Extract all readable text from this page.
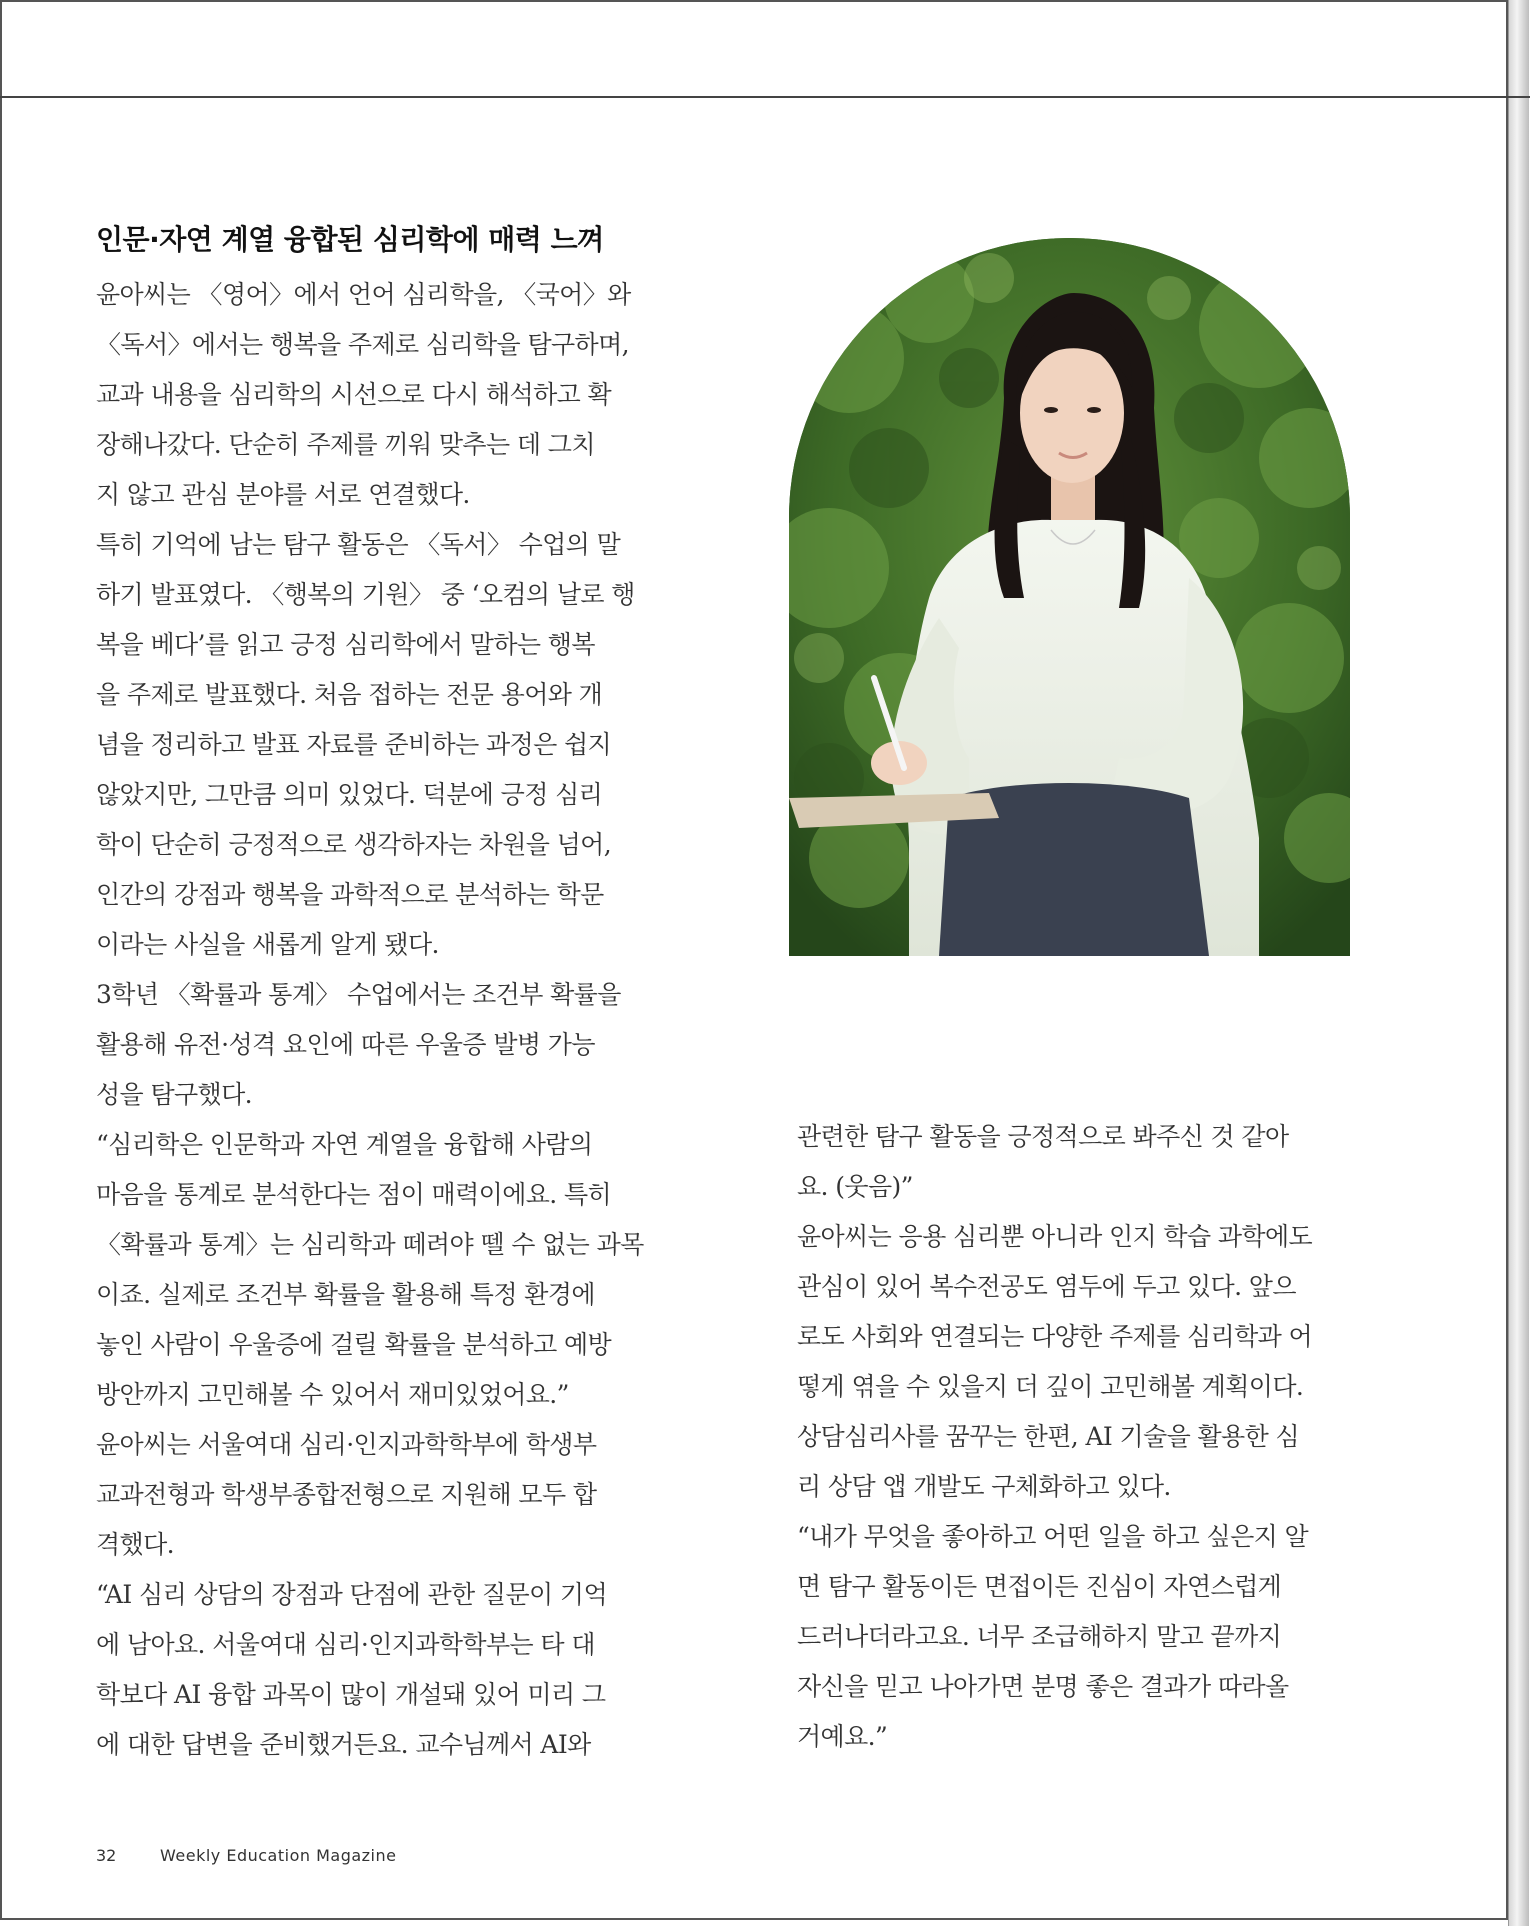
인문·자연 계열 융합된 심리학에 매력 느껴
윤아씨는 〈영어〉에서 언어 심리학을, 〈국어〉와
〈독서〉에서는 행복을 주제로 심리학을 탐구하며,
교과 내용을 심리학의 시선으로 다시 해석하고 확
장해나갔다. 단순히 주제를 끼워 맞추는 데 그치
지 않고 관심 분야를 서로 연결했다.
특히 기억에 남는 탐구 활동은 〈독서〉 수업의 말
하기 발표였다. 〈행복의 기원〉 중 ‘오컴의 날로 행
복을 베다’를 읽고 긍정 심리학에서 말하는 행복
을 주제로 발표했다. 처음 접하는 전문 용어와 개
념을 정리하고 발표 자료를 준비하는 과정은 쉽지
않았지만, 그만큼 의미 있었다. 덕분에 긍정 심리
학이 단순히 긍정적으로 생각하자는 차원을 넘어,
인간의 강점과 행복을 과학적으로 분석하는 학문
이라는 사실을 새롭게 알게 됐다.
3학년 〈확률과 통계〉 수업에서는 조건부 확률을
활용해 유전·성격 요인에 따른 우울증 발병 가능
성을 탐구했다.
“심리학은 인문학과 자연 계열을 융합해 사람의
마음을 통계로 분석한다는 점이 매력이에요. 특히
〈확률과 통계〉는 심리학과 떼려야 뗄 수 없는 과목
이죠. 실제로 조건부 확률을 활용해 특정 환경에
놓인 사람이 우울증에 걸릴 확률을 분석하고 예방
방안까지 고민해볼 수 있어서 재미있었어요.”
윤아씨는 서울여대 심리·인지과학학부에 학생부
교과전형과 학생부종합전형으로 지원해 모두 합
격했다.
“AI 심리 상담의 장점과 단점에 관한 질문이 기억
에 남아요. 서울여대 심리·인지과학학부는 타 대
학보다 AI 융합 과목이 많이 개설돼 있어 미리 그
에 대한 답변을 준비했거든요. 교수님께서 AI와
관련한 탐구 활동을 긍정적으로 봐주신 것 같아
요. (웃음)”
윤아씨는 응용 심리뿐 아니라 인지 학습 과학에도
관심이 있어 복수전공도 염두에 두고 있다. 앞으
로도 사회와 연결되는 다양한 주제를 심리학과 어
떻게 엮을 수 있을지 더 깊이 고민해볼 계획이다.
상담심리사를 꿈꾸는 한편, AI 기술을 활용한 심
리 상담 앱 개발도 구체화하고 있다.
“내가 무엇을 좋아하고 어떤 일을 하고 싶은지 알
면 탐구 활동이든 면접이든 진심이 자연스럽게
드러나더라고요. 너무 조급해하지 말고 끝까지
자신을 믿고 나아가면 분명 좋은 결과가 따라올
거예요.”
32	Weekly Education Magazine
